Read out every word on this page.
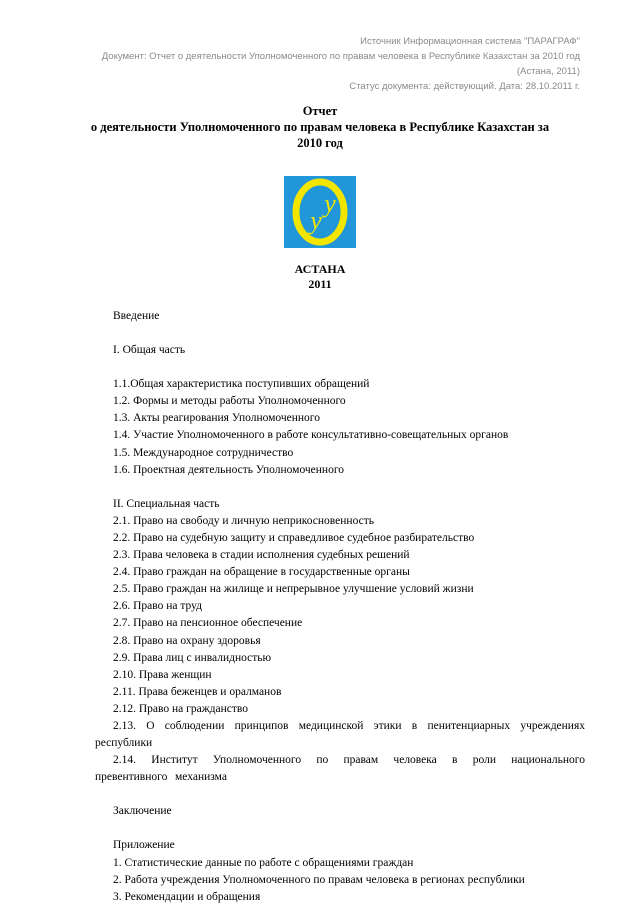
Источник Информационная система "ПАРАГРАФ"
Документ: Отчет о деятельности Уполномоченного по правам человека в Республике Казахстан за 2010 год (Астана, 2011)
Статус документа: действующий. Дата: 28.10.2011 г.
Отчет
о деятельности Уполномоченного по правам человека в Республике Казахстан за
2010 год
у
у
АСТАНА
2011
Введение
I. Общая часть
1.1.Общая характеристика поступивших обращений
1.2. Формы и методы работы Уполномоченного
1.3. Акты реагирования Уполномоченного
1.4. Участие Уполномоченного в работе консультативно-совещательных органов
1.5. Международное сотрудничество
1.6. Проектная деятельность Уполномоченного
II. Специальная часть
2.1. Право на свободу и личную неприкосновенность
2.2. Право на судебную защиту и справедливое судебное разбирательство
2.3. Права человека в стадии исполнения судебных решений
2.4. Право граждан на обращение в государственные органы
2.5. Право граждан на жилище и непрерывное улучшение условий жизни
2.6. Право на труд
2.7. Право на пенсионное обеспечение
2.8. Право на охрану здоровья
2.9. Права лиц с инвалидностью
2.10. Права женщин
2.11. Права беженцев и оралманов
2.12. Право на гражданство
2.13. О соблюдении принципов медицинской этики в пенитенциарных учреждениях республики
2.14. Институт Уполномоченного по правам человека в роли национального превентивного механизма
Заключение
Приложение
1. Статистические данные по работе с обращениями граждан
2. Работа учреждения Уполномоченного по правам человека в регионах республики
3. Рекомендации и обращения
